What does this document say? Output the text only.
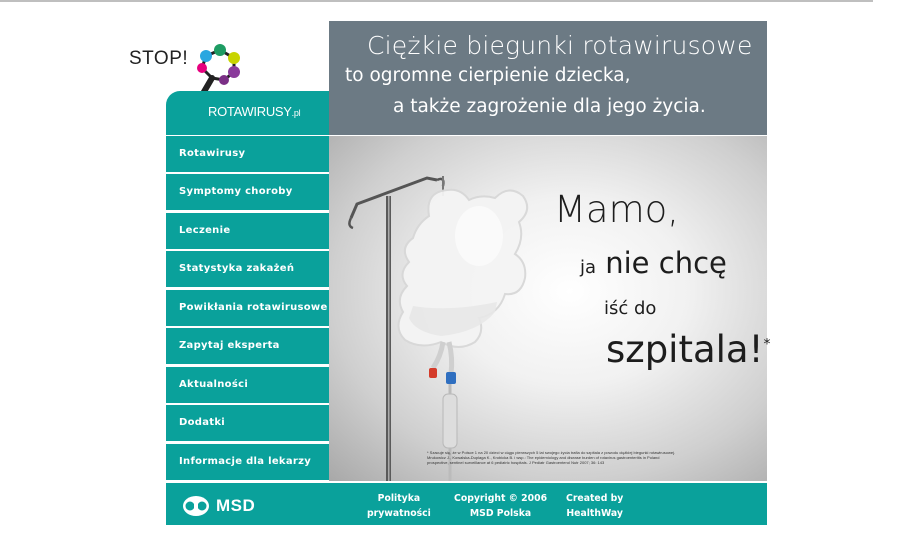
STOP!
ROTAWIRUSY.pl
Ciężkie biegunki rotawirusowe
to ogromne cierpienie dziecka,
a także zagrożenie dla jego życia.
Rotawirusy
Symptomy choroby
Leczenie
Statystyka zakażeń
Powikłania rotawirusowe
Zapytaj eksperta
Aktualności
Dodatki
Informacje dla lekarzy
Mamo,
ja nie chcę
iść do
szpitala!*
* Szacuje się, że w Polsce 1 na 20 dzieci w ciągu pierwszych 5 lat swojego życia trafia do szpitala z powodu ciężkiej biegunki rotawirusowej.
Mrukowicz J., Kowalska-Duplaga K., Krobicka B. i wsp.: The epidemiology and disease burden of rotavirus gastroenteritis in Poland
prospective, sentinel surveillance at 6 pediatric hospitals. J Pediatr Gastroenterol Nutr 2007; 36: 143
MSD	Polityka
prywatności
Copyright © 2006
MSD Polska
Created by
HealthWay
